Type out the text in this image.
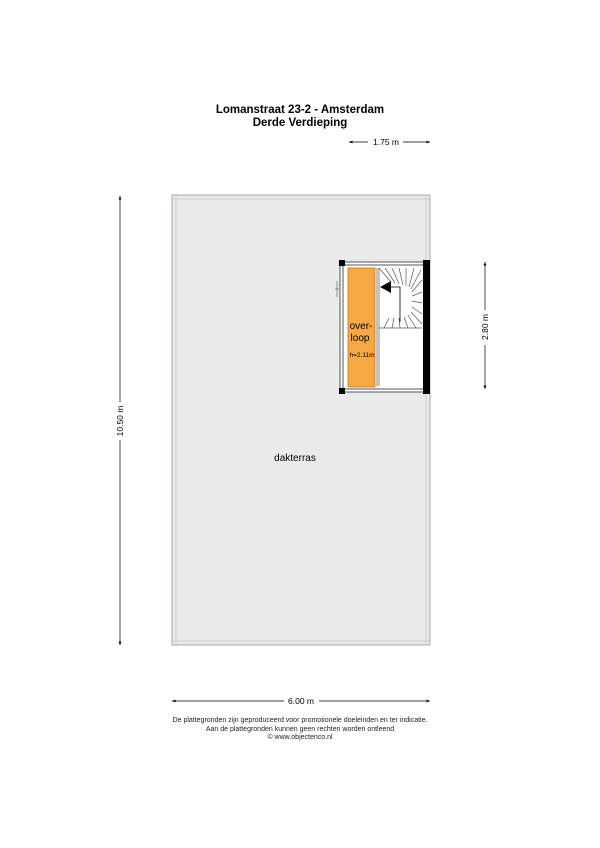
Lomanstraat 23-2 - Amsterdam
Derde Verdieping
1.75 m
10.50 m
2.80 m
6.00 m
dakterras
over-
loop
h=2.11m
De plattegronden zijn geproduceerd voor promotionele doeleinden en ter indicatie.
Aan de plattegronden kunnen geen rechten worden ontleend
© www.objectenco.nl
